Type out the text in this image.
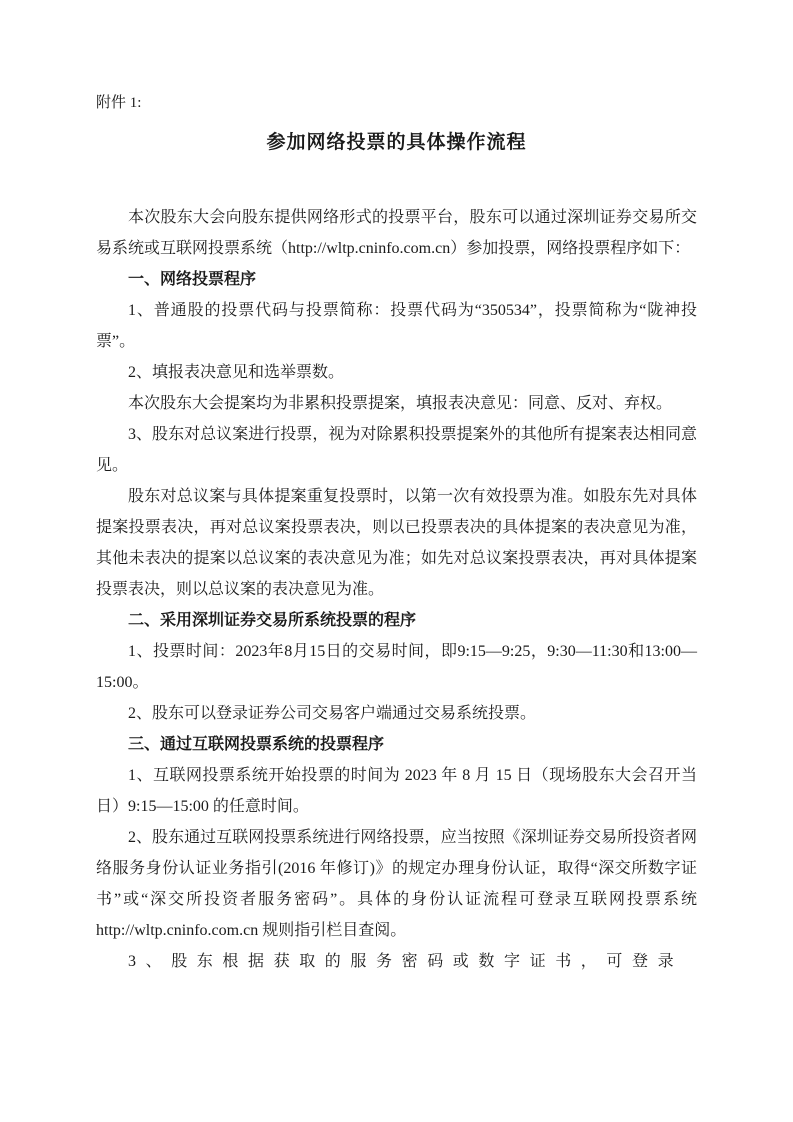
附件 1:

参加网络投票的具体操作流程

本次股东大会向股东提供网络形式的投票平台，股东可以通过深圳证券交易所交易系统或互联网投票系统（http://wltp.cninfo.com.cn）参加投票，网络投票程序如下：

一、网络投票程序

1、普通股的投票代码与投票简称：投票代码为“350534”，投票简称为“陇神投票”。

2、填报表决意见和选举票数。

本次股东大会提案均为非累积投票提案，填报表决意见：同意、反对、弃权。

3、股东对总议案进行投票，视为对除累积投票提案外的其他所有提案表达相同意见。

股东对总议案与具体提案重复投票时，以第一次有效投票为准。如股东先对具体提案投票表决，再对总议案投票表决，则以已投票表决的具体提案的表决意见为准，其他未表决的提案以总议案的表决意见为准；如先对总议案投票表决，再对具体提案投票表决，则以总议案的表决意见为准。

二、采用深圳证券交易所系统投票的程序

1、投票时间：2023年8月15日的交易时间，即9:15—9:25，9:30—11:30和13:00—15:00。

2、股东可以登录证券公司交易客户端通过交易系统投票。

三、通过互联网投票系统的投票程序

1、互联网投票系统开始投票的时间为 2023 年 8 月 15 日（现场股东大会召开当日）9:15—15:00 的任意时间。

2、股东通过互联网投票系统进行网络投票，应当按照《深圳证券交易所投资者网络服务身份认证业务指引(2016 年修订)》的规定办理身份认证，取得“深交所数字证书”或“深交所投资者服务密码”。具体的身份认证流程可登录互联网投票系统 http://wltp.cninfo.com.cn 规则指引栏目查阅。

3、股东根据获取的服务密码或数字证书，可登录
